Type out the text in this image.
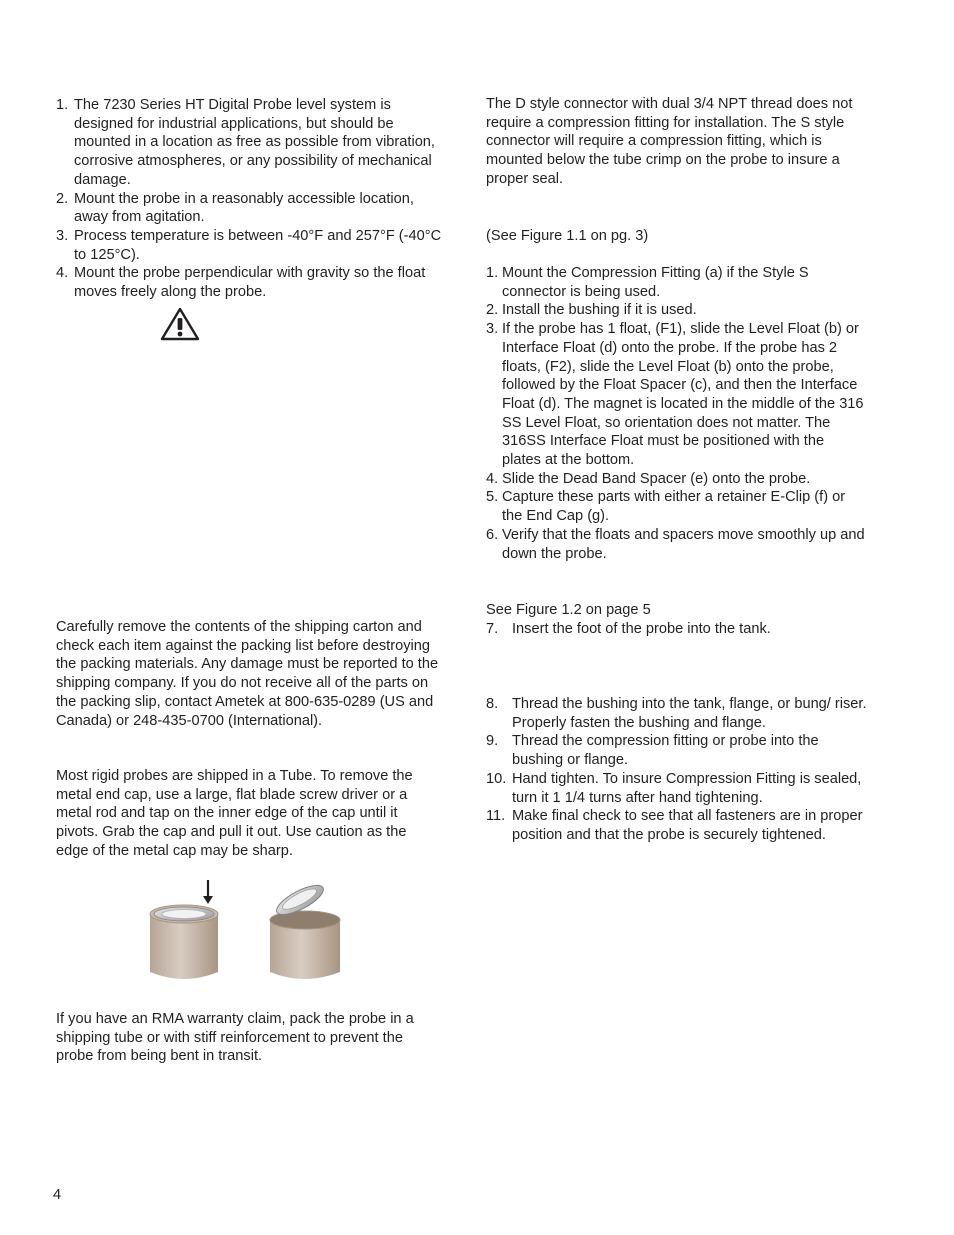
1. The 7230 Series HT Digital Probe level system is designed for industrial applications, but should be mounted in a location as free as possible from vibration, corrosive atmospheres, or any possibility of mechanical damage.
2. Mount the probe in a reasonably accessible location, away from agitation.
3. Process temperature is between -40°F and 257°F (-40°C to 125°C).
4. Mount the probe perpendicular with gravity so the float moves freely along the probe.

Carefully remove the contents of the shipping carton and check each item against the packing list before destroying the packing materials. Any damage must be reported to the shipping company. If you do not receive all of the parts on the packing slip, contact Ametek at 800-635-0289 (US and Canada) or 248-435-0700 (International).

Most rigid probes are shipped in a Tube. To remove the metal end cap, use a large, flat blade screw driver or a metal rod and tap on the inner edge of the cap until it pivots. Grab the cap and pull it out. Use caution as the edge of the metal cap may be sharp.

If you have an RMA warranty claim, pack the probe in a shipping tube or with stiff reinforcement to prevent the probe from being bent in transit.

The D style connector with dual 3/4 NPT thread does not require a compression fitting for installation. The S style connector will require a compression fitting, which is mounted below the tube crimp on the probe to insure a proper seal.

(See Figure 1.1 on pg. 3)

1. Mount the Compression Fitting (a) if the Style S connector is being used.
2. Install the bushing if it is used.
3. If the probe has 1 float, (F1), slide the Level Float (b) or Interface Float (d) onto the probe. If the probe has 2 floats, (F2), slide the Level Float (b) onto the probe, followed by the Float Spacer (c), and then the Interface Float (d). The magnet is located in the middle of the 316 SS Level Float, so orientation does not matter. The 316SS Interface Float must be positioned with the plates at the bottom.
4. Slide the Dead Band Spacer (e) onto the probe.
5. Capture these parts with either a retainer E-Clip (f) or the End Cap (g).
6. Verify that the floats and spacers move smoothly up and down the probe.

See Figure 1.2 on page 5

7. Insert the foot of the probe into the tank.
8. Thread the bushing into the tank, flange, or bung/ riser. Properly fasten the bushing and flange.
9. Thread the compression fitting or probe into the bushing or flange.
10. Hand tighten. To insure Compression Fitting is sealed, turn it 1 1/4 turns after hand tightening.
11. Make final check to see that all fasteners are in proper position and that the probe is securely tightened.
4
